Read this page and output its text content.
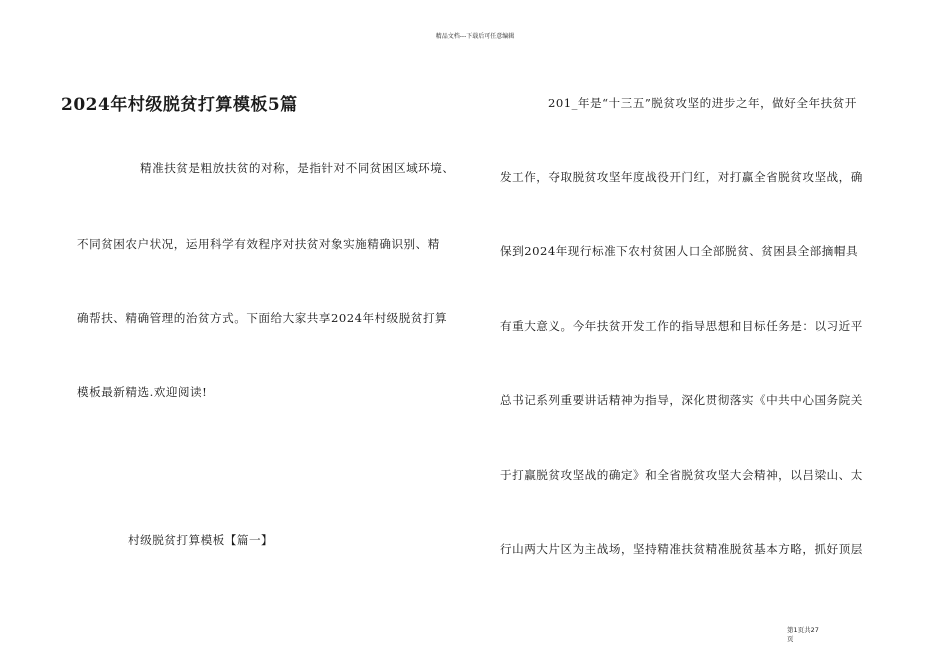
精品文档---下载后可任意编辑
2024年村级脱贫打算模板5篇
精准扶贫是粗放扶贫的对称，是指针对不同贫困区域环境、
不同贫困农户状况，运用科学有效程序对扶贫对象实施精确识别、精
确帮扶、精确管理的治贫方式。下面给大家共享2024年村级脱贫打算
模板最新精选.欢迎阅读!
村级脱贫打算模板【篇一】
201_年是“十三五”脱贫攻坚的进步之年，做好全年扶贫开
发工作，夺取脱贫攻坚年度战役开门红，对打赢全省脱贫攻坚战，确
保到2024年现行标准下农村贫困人口全部脱贫、贫困县全部摘帽具
有重大意义。今年扶贫开发工作的指导思想和目标任务是：以习近平
总书记系列重要讲话精神为指导，深化贯彻落实《中共中心国务院关
于打赢脱贫攻坚战的确定》和全省脱贫攻坚大会精神，以吕梁山、太
行山两大片区为主战场，坚持精准扶贫精准脱贫基本方略，抓好顶层
第1页共27
页
